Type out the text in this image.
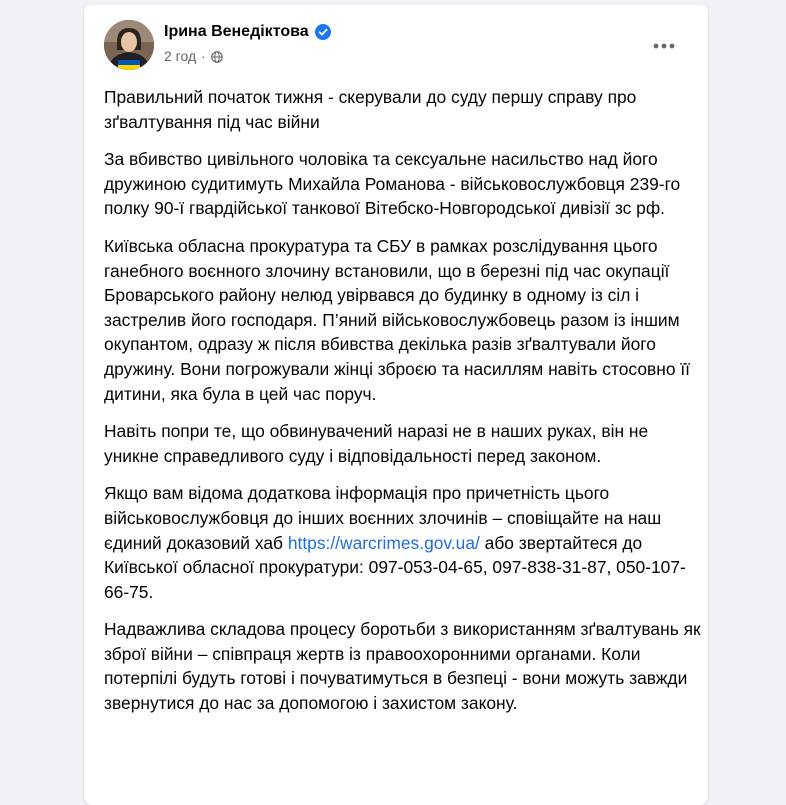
Ірина Венедіктова
2 год ·

Правильний початок тижня - скерували до суду першу справу про зґвалтування під час війни

За вбивство цивільного чоловіка та сексуальне насильство над його дружиною судитимуть Михайла Романова - військовослужбовця 239-го полку 90-ї гвардійської танкової Вітебско-Новгородської дивізії зс рф.

Київська обласна прокуратура та СБУ в рамках розслідування цього ганебного воєнного злочину встановили, що в березні під час окупації Броварського району нелюд увірвався до будинку в одному із сіл і застрелив його господаря. П’яний військовослужбовець разом із іншим окупантом, одразу ж після вбивства декілька разів зґвалтували його дружину. Вони погрожували жінці зброєю та насиллям навіть стосовно її дитини, яка була в цей час поруч.

Навіть попри те, що обвинувачений наразі не в наших руках, він не уникне справедливого суду і відповідальності перед законом.

Якщо вам відома додаткова інформація про причетність цього військовослужбовця до інших воєнних злочинів – сповіщайте на наш єдиний доказовий хаб https://warcrimes.gov.ua/ або звертайтеся до Київської обласної прокуратури: 097-053-04-65, 097-838-31-87, 050-107-66-75.

Надважлива складова процесу боротьби з використанням зґвалтувань як зброї війни – співпраця жертв із правоохоронними органами. Коли потерпілі будуть готові і почуватимуться в безпеці - вони можуть завжди звернутися до нас за допомогою і захистом закону.
